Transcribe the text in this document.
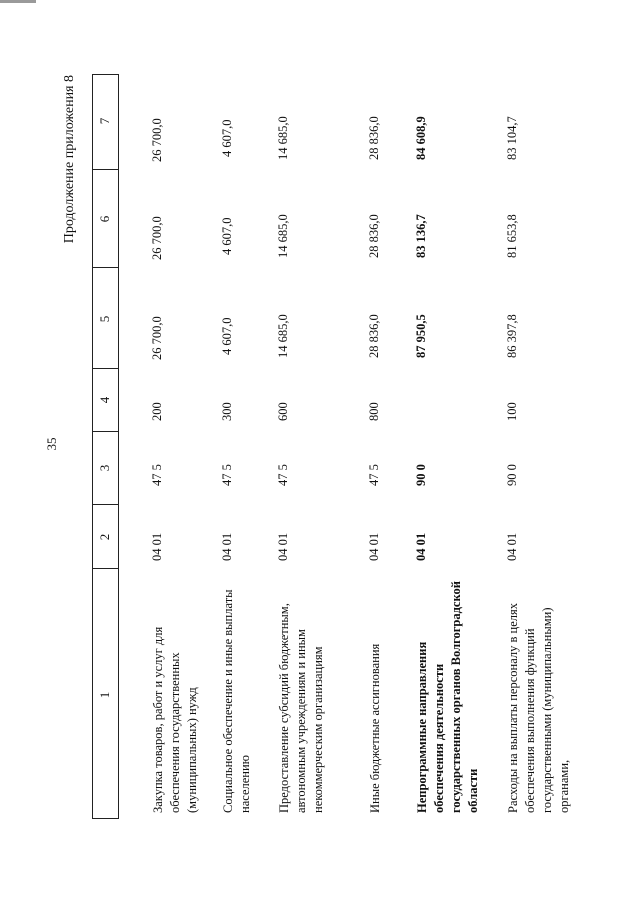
35
Продолжение приложения 8
1
2
3
4
5
6
7
Закупка товаров, работ и услуг для обеспечения государственных (муниципальных) нужд
04 01
47 5
200
26 700,0
26 700,0
26 700,0
Социальное обеспечение и иные выплаты населению
04 01
47 5
300
4 607,0
4 607,0
4 607,0
Предоставление субсидий бюджетным, автономным учреждениям и иным некоммерческим организациям
04 01
47 5
600
14 685,0
14 685,0
14 685,0
Иные бюджетные ассигнования
04 01
47 5
800
28 836,0
28 836,0
28 836,0
Непрограммные направления обеспечения деятельности государственных органов Волгоградской области
04 01
90 0
87 950,5
83 136,7
84 608,9
Расходы на выплаты персоналу в целях обеспечения выполнения функций государственными (муниципальными) органами,
04 01
90 0
100
86 397,8
81 653,8
83 104,7
